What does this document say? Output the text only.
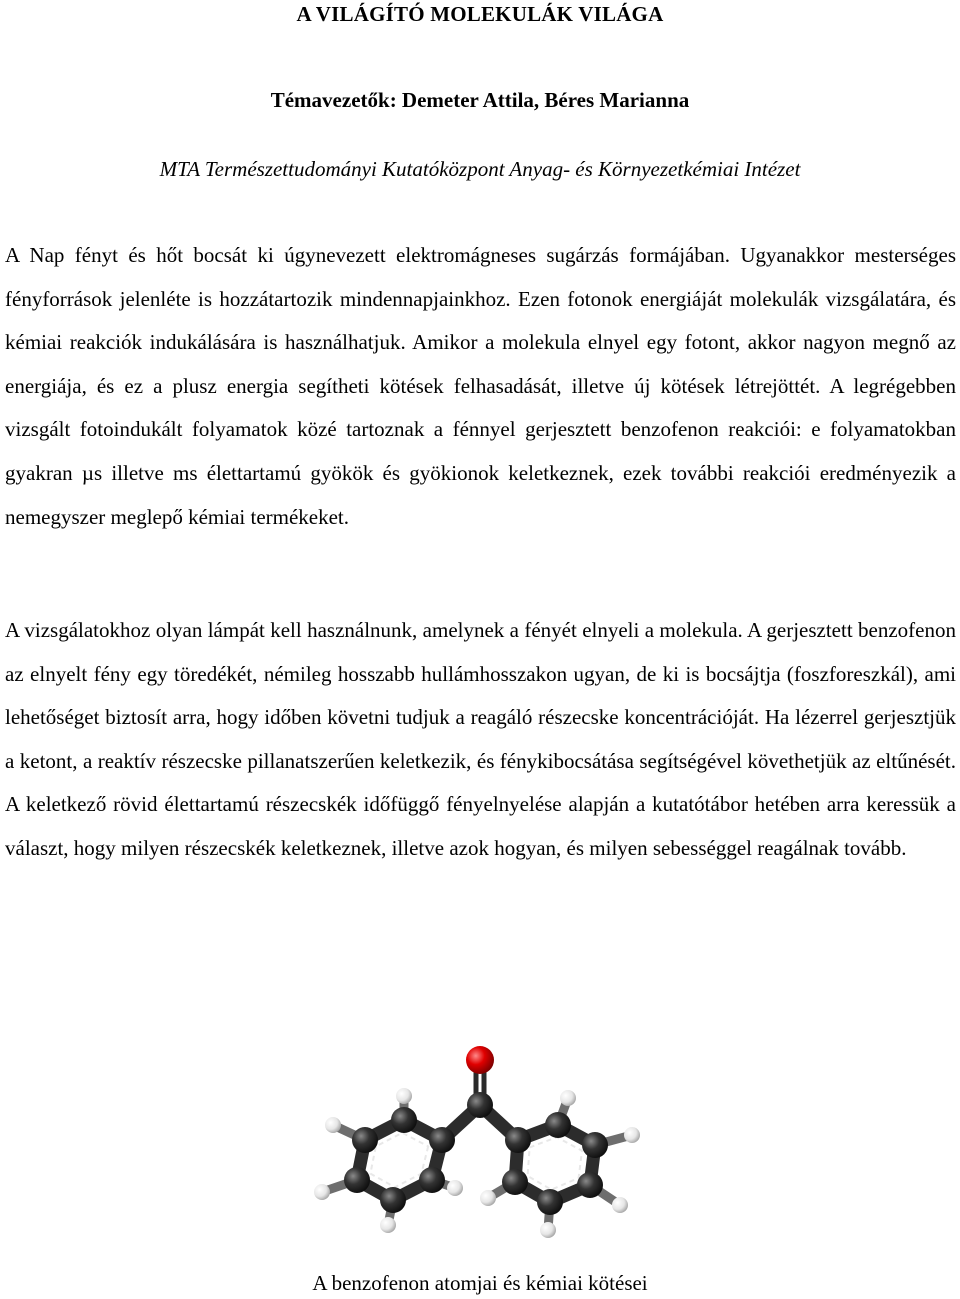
A VILÁGÍTÓ MOLEKULÁK VILÁGA
Témavezetők: Demeter Attila, Béres Marianna

MTA Természettudományi Kutatóközpont Anyag- és Környezetkémiai Intézet

A Nap fényt és hőt bocsát ki úgynevezett elektromágneses sugárzás formájában. Ugyanakkor mesterséges fényforrások jelenléte is hozzátartozik mindennapjainkhoz. Ezen fotonok energiáját molekulák vizsgálatára, és kémiai reakciók indukálására is használhatjuk. Amikor a molekula elnyel egy fotont, akkor nagyon megnő az energiája, és ez a plusz energia segítheti kötések felhasadását, illetve új kötések létrejöttét. A legrégebben vizsgált fotoindukált folyamatok közé tartoznak a fénnyel gerjesztett benzofenon reakciói: e folyamatokban gyakran µs illetve ms élettartamú gyökök és gyökionok keletkeznek, ezek további reakciói eredményezik a nemegyszer meglepő kémiai termékeket.

A vizsgálatokhoz olyan lámpát kell használnunk, amelynek a fényét elnyeli a molekula. A gerjesztett benzofenon az elnyelt fény egy töredékét, némileg hosszabb hullámhosszakon ugyan, de ki is bocsájtja (foszforeszkál), ami lehetőséget biztosít arra, hogy időben követni tudjuk a reagáló részecske koncentrációját. Ha lézerrel gerjesztjük a ketont, a reaktív részecske pillanatszerűen keletkezik, és fénykibocsátása segítségével követhetjük az eltűnését. A keletkező rövid élettartamú részecskék időfüggő fényelnyelése alapján a kutatótábor hetében arra keressük a választ, hogy milyen részecskék keletkeznek, illetve azok hogyan, és milyen sebességgel reagálnak tovább.

A benzofenon atomjai és kémiai kötései
